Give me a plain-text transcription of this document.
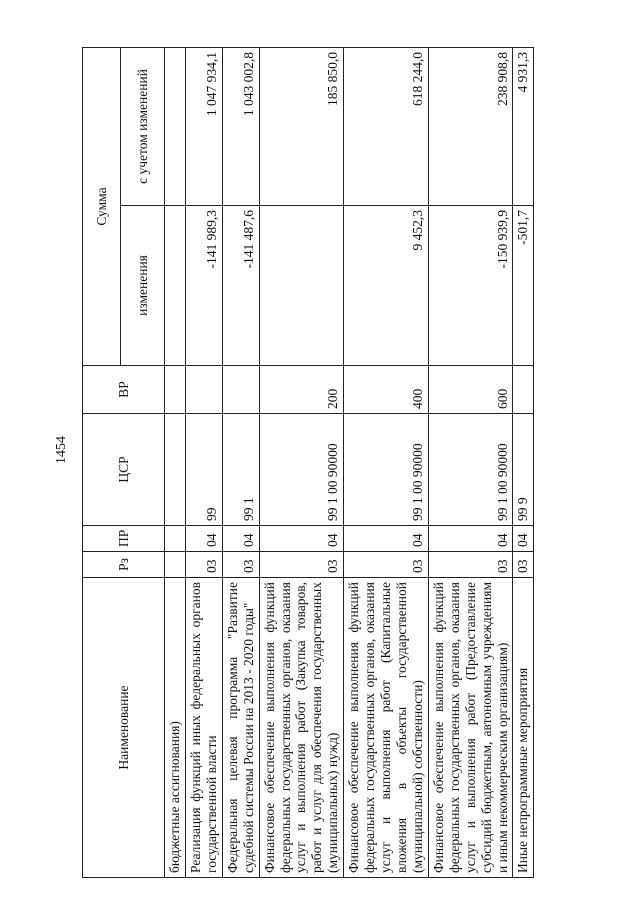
1454
Наименование	Рз	ПР	ЦСР	ВР	Сумма	
					изменения	с учетом изменений
бюджетные ассигнования)						
Реализация функций иных федеральных органов государственной власти	03	04	99		-141 989,3	1 047 934,1
Федеральная целевая программа "Развитие судебной системы России на 2013 - 2020 годы"	03	04	99 1		-141 487,6	1 043 002,8
Финансовое обеспечение выполнения функций федеральных государственных органов, оказания услуг и выполнения работ (Закупка товаров, работ и услуг для обеспечения государственных (муниципальных) нужд)	03	04	99 1 00 90000	200		185 850,0
Финансовое обеспечение выполнения функций федеральных государственных органов, оказания услуг и выполнения работ (Капитальные вложения в объекты государственной (муниципальной) собственности)	03	04	99 1 00 90000	400	9 452,3	618 244,0
Финансовое обеспечение выполнения функций федеральных государственных органов, оказания услуг и выполнения работ (Предоставление субсидий бюджетным, автономным учреждениям и иным некоммерческим организациям)	03	04	99 1 00 90000	600	-150 939,9	238 908,8
Иные непрограммные мероприятия	03	04	99 9		-501,7	4 931,3
